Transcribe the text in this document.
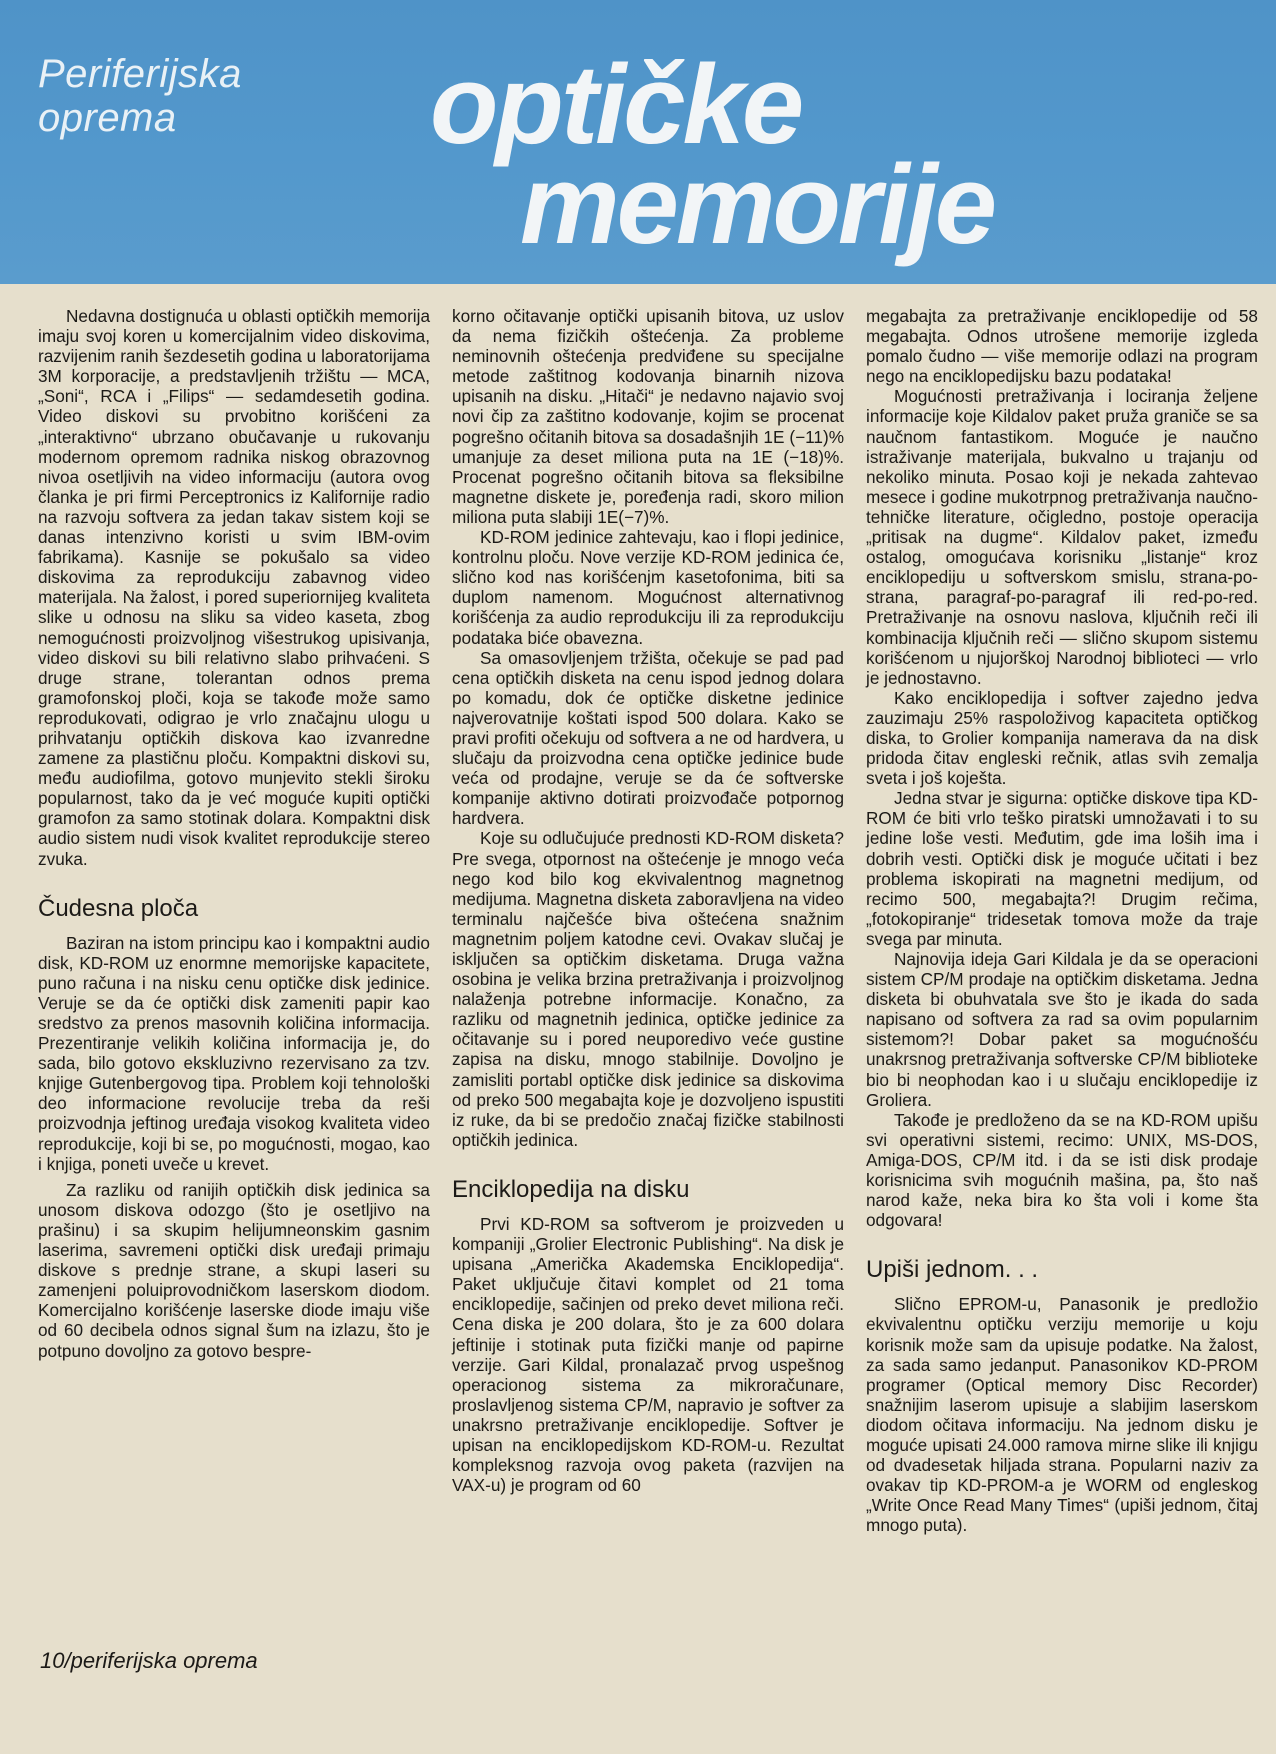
Periferijska
oprema	optičke
memorije

Nedavna dostignuća u oblasti optičkih memorija imaju svoj koren u komercijalnim video diskovima, razvijenim ranih šezdesetih godina u laboratorijama 3M korporacije, a predstavljenih tržištu — MCA, „Soni“, RCA i „Filips“ — sedamdesetih godina. Video diskovi su prvobitno korišćeni za „interaktivno“ ubrzano obučavanje u rukovanju modernom opremom radnika niskog obrazovnog nivoa osetljivih na video informaciju (autora ovog članka je pri firmi Perceptronics iz Kalifornije radio na razvoju softvera za jedan takav sistem koji se danas intenzivno koristi u svim IBM-ovim fabrikama). Kasnije se pokušalo sa video diskovima za reprodukciju zabavnog video materijala. Na žalost, i pored superiornijeg kvaliteta slike u odnosu na sliku sa video kaseta, zbog nemogućnosti proizvoljnog višestrukog upisivanja, video diskovi su bili relativno slabo prihvaćeni. S druge strane, tolerantan odnos prema gramofonskoj ploči, koja se takođe može samo reprodukovati, odigrao je vrlo značajnu ulogu u prihvatanju optičkih diskova kao izvanredne zamene za plastičnu ploču. Kompaktni diskovi su, među audiofilma, gotovo munjevito stekli široku popularnost, tako da je već moguće kupiti optički gramofon za samo stotinak dolara. Kompaktni disk audio sistem nudi visok kvalitet reprodukcije stereo zvuka.

Čudesna ploča

Baziran na istom principu kao i kompaktni audio disk, KD-ROM uz enormne memorijske kapacitete, puno računa i na nisku cenu optičke disk jedinice. Veruje se da će optički disk zameniti papir kao sredstvo za prenos masovnih količina informacija. Prezentiranje velikih količina informacija je, do sada, bilo gotovo ekskluzivno rezervisano za tzv. knjige Gutenbergovog tipa. Problem koji tehnološki deo informacione revolucije treba da reši proizvodnja jeftinog uređaja visokog kvaliteta video reprodukcije, koji bi se, po mogućnosti, mogao, kao i knjiga, poneti uveče u krevet.

Za razliku od ranijih optičkih disk jedinica sa unosom diskova odozgo (što je osetljivo na prašinu) i sa skupim helijumneonskim gasnim laserima, savremeni optički disk uređaji primaju diskove s prednje strane, a skupi laseri su zamenjeni poluiprovodničkom laserskom diodom. Komercijalno korišćenje laserske diode imaju više od 60 decibela odnos signal šum na izlazu, što je potpuno dovoljno za gotovo bespre-

korno očitavanje optički upisanih bitova, uz uslov da nema fizičkih oštećenja. Za probleme neminovnih oštećenja predviđene su specijalne metode zaštitnog kodovanja binarnih nizova upisanih na disku. „Hitači“ je nedavno najavio svoj novi čip za zaštitno kodovanje, kojim se procenat pogrešno očitanih bitova sa dosadašnjih 1E (−11)% umanjuje za deset miliona puta na 1E (−18)%. Procenat pogrešno očitanih bitova sa fleksibilne magnetne diskete je, poređenja radi, skoro milion miliona puta slabiji 1E(−7)%.

KD-ROM jedinice zahtevaju, kao i flopi jedinice, kontrolnu ploču. Nove verzije KD-ROM jedinica će, slično kod nas korišćenjm kasetofonima, biti sa duplom namenom. Mogućnost alternativnog korišćenja za audio reprodukciju ili za reprodukciju podataka biće obavezna.

Sa omasovljenjem tržišta, očekuje se pad pad cena optičkih disketa na cenu ispod jednog dolara po komadu, dok će optičke disketne jedinice najverovatnije koštati ispod 500 dolara. Kako se pravi profiti očekuju od softvera a ne od hardvera, u slučaju da proizvodna cena optičke jedinice bude veća od prodajne, veruje se da će softverske kompanije aktivno dotirati proizvođače potpornog hardvera.

Koje su odlučujuće prednosti KD-ROM disketa? Pre svega, otpornost na oštećenje je mnogo veća nego kod bilo kog ekvivalentnog magnetnog medijuma. Magnetna disketa zaboravljena na video terminalu najčešće biva oštećena snažnim magnetnim poljem katodne cevi. Ovakav slučaj je isključen sa optičkim disketama. Druga važna osobina je velika brzina pretraživanja i proizvoljnog nalaženja potrebne informacije. Konačno, za razliku od magnetnih jedinica, optičke jedinice za očitavanje su i pored neuporedivo veće gustine zapisa na disku, mnogo stabilnije. Dovoljno je zamisliti portabl optičke disk jedinice sa diskovima od preko 500 megabajta koje je dozvoljeno ispustiti iz ruke, da bi se predočio značaj fizičke stabilnosti optičkih jedinica.

Enciklopedija na disku

Prvi KD-ROM sa softverom je proizveden u kompaniji „Grolier Electronic Publishing“. Na disk je upisana „Američka Akademska Enciklopedija“. Paket uključuje čitavi komplet od 21 toma enciklopedije, sačinjen od preko devet miliona reči. Cena diska je 200 dolara, što je za 600 dolara jeftinije i stotinak puta fizički manje od papirne verzije. Gari Kildal, pronalazač prvog uspešnog operacionog sistema za mikroračunare, proslavljenog sistema CP/M, napravio je softver za unakrsno pretraživanje enciklopedije. Softver je upisan na enciklopedijskom KD-ROM-u. Rezultat kompleksnog razvoja ovog paketa (razvijen na VAX-u) je program od 60

megabajta za pretraživanje enciklopedije od 58 megabajta. Odnos utrošene memorije izgleda pomalo čudno — više memorije odlazi na program nego na enciklopedijsku bazu podataka!

Mogućnosti pretraživanja i lociranja željene informacije koje Kildalov paket pruža graniče se sa naučnom fantastikom. Moguće je naučno istraživanje materijala, bukvalno u trajanju od nekoliko minuta. Posao koji je nekada zahtevao mesece i godine mukotrpnog pretraživanja naučno-tehničke literature, očigledno, postoje operacija „pritisak na dugme“. Kildalov paket, između ostalog, omogućava korisniku „listanje“ kroz enciklopediju u softverskom smislu, strana-po-strana, paragraf-po-paragraf ili red-po-red. Pretraživanje na osnovu naslova, ključnih reči ili kombinacija ključnih reči — slično skupom sistemu korišćenom u njujorškoj Narodnoj biblioteci — vrlo je jednostavno.

Kako enciklopedija i softver zajedno jedva zauzimaju 25% raspoloživog kapaciteta optičkog diska, to Grolier kompanija namerava da na disk pridoda čitav engleski rečnik, atlas svih zemalja sveta i još koješta.

Jedna stvar je sigurna: optičke diskove tipa KD-ROM će biti vrlo teško piratski umnožavati i to su jedine loše vesti. Međutim, gde ima loših ima i dobrih vesti. Optički disk je moguće učitati i bez problema iskopirati na magnetni medijum, od recimo 500, megabajta?! Drugim rečima, „fotokopiranje“ tridesetak tomova može da traje svega par minuta.

Najnovija ideja Gari Kildala je da se operacioni sistem CP/M prodaje na optičkim disketama. Jedna disketa bi obuhvatala sve što je ikada do sada napisano od softvera za rad sa ovim popularnim sistemom?! Dobar paket sa mogućnošću unakrsnog pretraživanja softverske CP/M biblioteke bio bi neophodan kao i u slučaju enciklopedije iz Groliera.

Takođe je predloženo da se na KD-ROM upišu svi operativni sistemi, recimo: UNIX, MS-DOS, Amiga-DOS, CP/M itd. i da se isti disk prodaje korisnicima svih mogućnih mašina, pa, što naš narod kaže, neka bira ko šta voli i kome šta odgovara!

Upiši jednom. . .

Slično EPROM-u, Panasonik je predložio ekvivalentnu optičku verziju memorije u koju korisnik može sam da upisuje podatke. Na žalost, za sada samo jedanput. Panasonikov KD-PROM programer (Optical memory Disc Recorder) snažnijim laserom upisuje a slabijim laserskom diodom očitava informaciju. Na jednom disku je moguće upisati 24.000 ramova mirne slike ili knjigu od dvadesetak hiljada strana. Popularni naziv za ovakav tip KD-PROM-a je WORM od engleskog „Write Once Read Many Times“ (upiši jednom, čitaj mnogo puta).

10/periferijska oprema
